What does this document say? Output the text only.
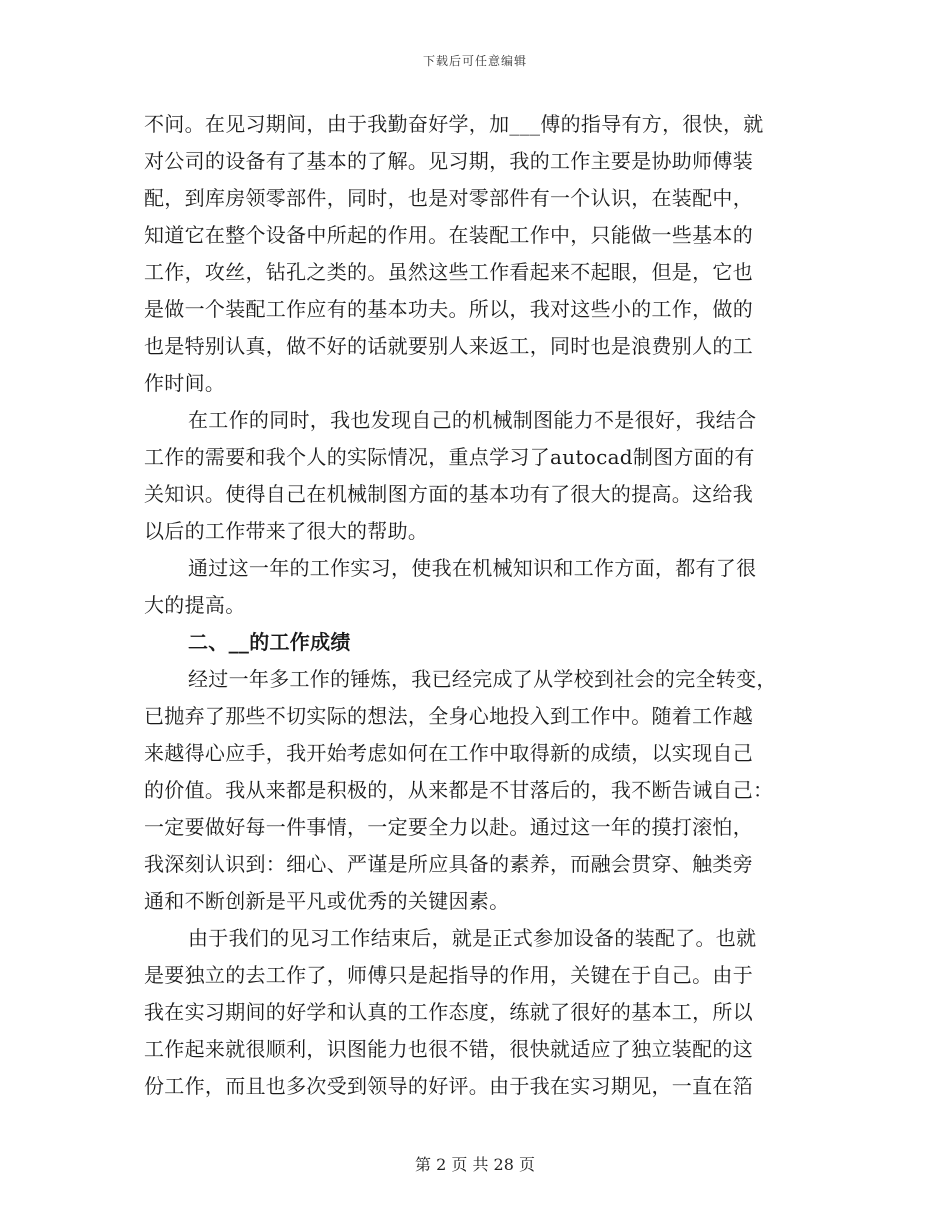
下载后可任意编辑
不问。在见习期间，由于我勤奋好学，加___傅的指导有方，很快，就
对公司的设备有了基本的了解。见习期，我的工作主要是协助师傅装
配，到库房领零部件，同时，也是对零部件有一个认识，在装配中，
知道它在整个设备中所起的作用。在装配工作中，只能做一些基本的
工作，攻丝，钻孔之类的。虽然这些工作看起来不起眼，但是，它也
是做一个装配工作应有的基本功夫。所以，我对这些小的工作，做的
也是特别认真，做不好的话就要别人来返工，同时也是浪费别人的工
作时间。
在工作的同时，我也发现自己的机械制图能力不是很好，我结合
工作的需要和我个人的实际情况，重点学习了autocad制图方面的有
关知识。使得自己在机械制图方面的基本功有了很大的提高。这给我
以后的工作带来了很大的帮助。
通过这一年的工作实习，使我在机械知识和工作方面，都有了很
大的提高。
二、__的工作成绩
经过一年多工作的锤炼，我已经完成了从学校到社会的完全转变，
已抛弃了那些不切实际的想法，全身心地投入到工作中。随着工作越
来越得心应手，我开始考虑如何在工作中取得新的成绩，以实现自己
的价值。我从来都是积极的，从来都是不甘落后的，我不断告诫自己：
一定要做好每一件事情，一定要全力以赴。通过这一年的摸打滚怕，
我深刻认识到：细心、严谨是所应具备的素养，而融会贯穿、触类旁
通和不断创新是平凡或优秀的关键因素。
由于我们的见习工作结束后，就是正式参加设备的装配了。也就
是要独立的去工作了，师傅只是起指导的作用，关键在于自己。由于
我在实习期间的好学和认真的工作态度，练就了很好的基本工，所以
工作起来就很顺利，识图能力也很不错，很快就适应了独立装配的这
份工作，而且也多次受到领导的好评。由于我在实习期见，一直在箔
第 2 页 共 28 页
